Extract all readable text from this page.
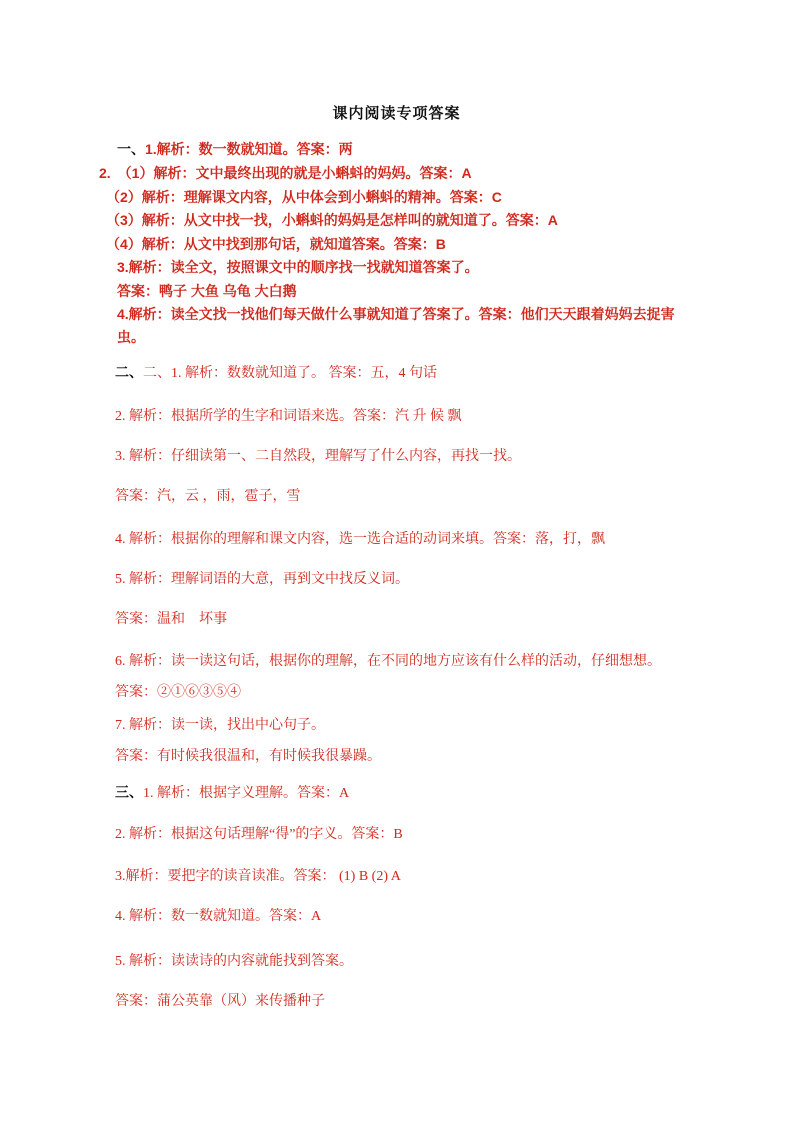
课内阅读专项答案

一、1.解析：数一数就知道。答案：两

2.　（1）解析：文中最终出现的就是小蝌蚪的妈妈。答案：A

（2）解析：理解课文内容，从中体会到小蝌蚪的精神。答案：C

（3）解析：从文中找一找，小蝌蚪的妈妈是怎样叫的就知道了。答案：A

（4）解析：从文中找到那句话，就知道答案。答案：B

3.解析：读全文，按照课文中的顺序找一找就知道答案了。

答案：鸭子 大鱼 乌龟 大白鹅

4.解析：读全文找一找他们每天做什么事就知道了答案了。答案：他们天天跟着妈妈去捉害虫。

二、二、1. 解析：数数就知道了。 答案：五，4 句话

2. 解析：根据所学的生字和词语来选。答案：汽 升 候 飘

3. 解析：仔细读第一、二自然段，理解写了什么内容，再找一找。

答案：汽，云 ，雨，雹子，雪

4. 解析：根据你的理解和课文内容，选一选合适的动词来填。答案：落，打，飘

5. 解析：理解词语的大意，再到文中找反义词。

答案：温和　坏事

6. 解析：读一读这句话，根据你的理解，在不同的地方应该有什么样的活动，仔细想想。

答案：②①⑥③⑤④

7. 解析：读一读，找出中心句子。

答案：有时候我很温和，有时候我很暴躁。

三、1. 解析：根据字义理解。答案：A

2. 解析：根据这句话理解“得”的字义。答案：B

3.解析：要把字的读音读准。答案： (1) B (2) A

4. 解析：数一数就知道。答案：A

5. 解析：读读诗的内容就能找到答案。

答案：蒲公英靠（风）来传播种子
